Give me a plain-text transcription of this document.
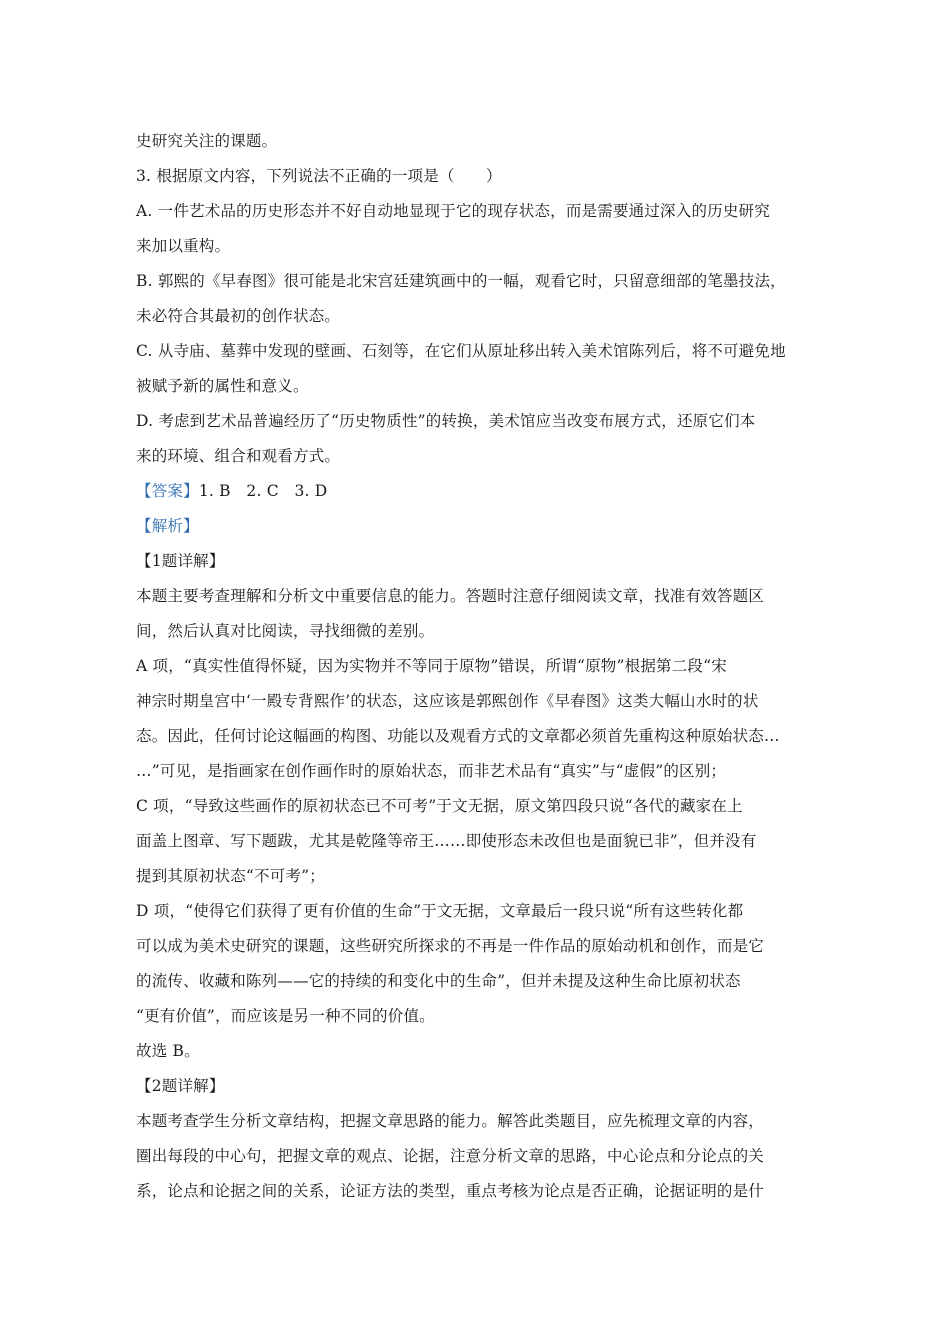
史研究关注的课题。
3. 根据原文内容，下列说法不正确的一项是（　　）
A. 一件艺术品的历史形态并不好自动地显现于它的现存状态，而是需要通过深入的历史研究
来加以重构。
B. 郭熙的《早春图》很可能是北宋宫廷建筑画中的一幅，观看它时，只留意细部的笔墨技法，
未必符合其最初的创作状态。
C. 从寺庙、墓葬中发现的壁画、石刻等，在它们从原址移出转入美术馆陈列后，将不可避免地
被赋予新的属性和意义。
D. 考虑到艺术品普遍经历了“历史物质性”的转换，美术馆应当改变布展方式，还原它们本
来的环境、组合和观看方式。
【答案】1. B　2. C　3. D
【解析】
【1题详解】
本题主要考查理解和分析文中重要信息的能力。答题时注意仔细阅读文章，找准有效答题区
间，然后认真对比阅读，寻找细微的差别。
A 项，“真实性值得怀疑，因为实物并不等同于原物”错误，所谓“原物”根据第二段“宋
神宗时期皇宫中‘一殿专背熙作’的状态，这应该是郭熙创作《早春图》这类大幅山水时的状
态。因此，任何讨论这幅画的构图、功能以及观看方式的文章都必须首先重构这种原始状态…
…”可见，是指画家在创作画作时的原始状态，而非艺术品有“真实”与“虚假”的区别；
C 项，“导致这些画作的原初状态已不可考”于文无据，原文第四段只说“各代的藏家在上
面盖上图章、写下题跋，尤其是乾隆等帝王……即使形态未改但也是面貌已非”，但并没有
提到其原初状态“不可考”；
D 项，“使得它们获得了更有价值的生命”于文无据，文章最后一段只说“所有这些转化都
可以成为美术史研究的课题，这些研究所探求的不再是一件作品的原始动机和创作，而是它
的流传、收藏和陈列——它的持续的和变化中的生命”，但并未提及这种生命比原初状态
“更有价值”，而应该是另一种不同的价值。
故选 B。
【2题详解】
本题考查学生分析文章结构，把握文章思路的能力。解答此类题目，应先梳理文章的内容，
圈出每段的中心句，把握文章的观点、论据，注意分析文章的思路，中心论点和分论点的关
系，论点和论据之间的关系，论证方法的类型，重点考核为论点是否正确，论据证明的是什
